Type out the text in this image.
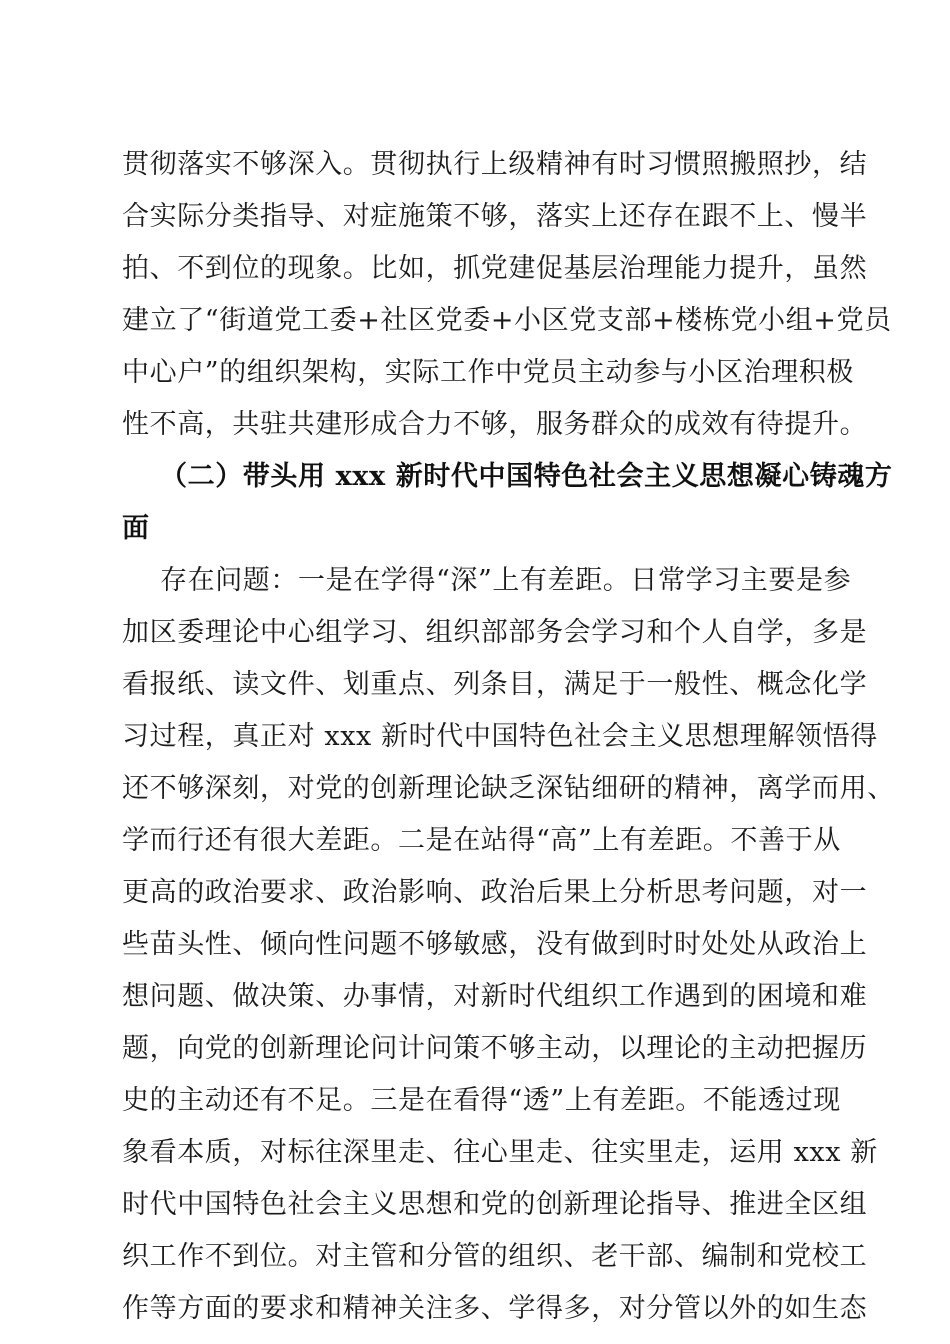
贯彻落实不够深入。贯彻执行上级精神有时习惯照搬照抄，结
合实际分类指导、对症施策不够，落实上还存在跟不上、慢半
拍、不到位的现象。比如，抓党建促基层治理能力提升，虽然
建立了“街道党工委+社区党委+小区党支部+楼栋党小组+党员
中心户”的组织架构，实际工作中党员主动参与小区治理积极
性不高，共驻共建形成合力不够，服务群众的成效有待提升。
（二）带头用 xxx 新时代中国特色社会主义思想凝心铸魂方
面
存在问题：一是在学得“深”上有差距。日常学习主要是参
加区委理论中心组学习、组织部部务会学习和个人自学，多是
看报纸、读文件、划重点、列条目，满足于一般性、概念化学
习过程，真正对 xxx 新时代中国特色社会主义思想理解领悟得
还不够深刻，对党的创新理论缺乏深钻细研的精神，离学而用、
学而行还有很大差距。二是在站得“高”上有差距。不善于从
更高的政治要求、政治影响、政治后果上分析思考问题，对一
些苗头性、倾向性问题不够敏感，没有做到时时处处从政治上
想问题、做决策、办事情，对新时代组织工作遇到的困境和难
题，向党的创新理论问计问策不够主动，以理论的主动把握历
史的主动还有不足。三是在看得“透”上有差距。不能透过现
象看本质，对标往深里走、往心里走、往实里走，运用 xxx 新
时代中国特色社会主义思想和党的创新理论指导、推进全区组
织工作不到位。对主管和分管的组织、老干部、编制和党校工
作等方面的要求和精神关注多、学得多，对分管以外的如生态
